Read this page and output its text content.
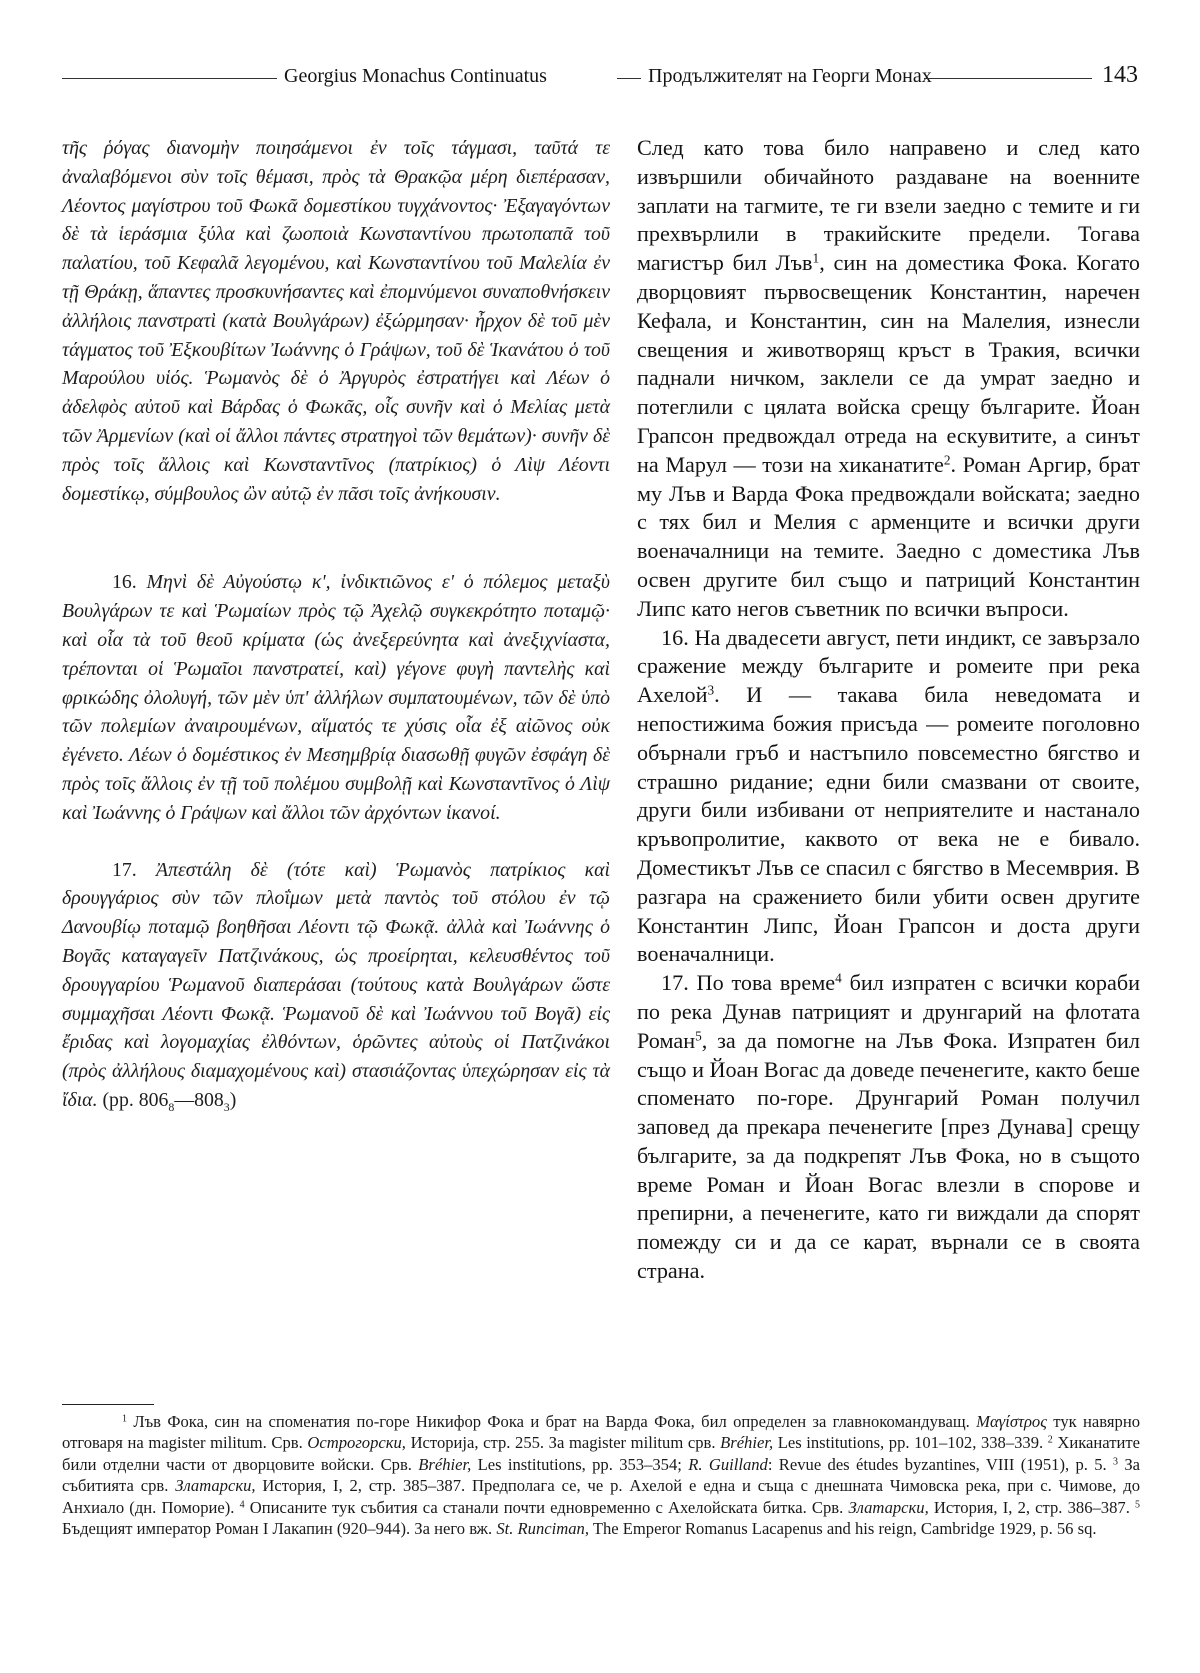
Georgius Monachus Continuatus	Продължителят на Георги Монах	143

τῆς ῥόγας διανομὴν ποιησάμενοι ἐν τοῖς τάγμασι, ταῦτά τε ἀναλαβόμενοι σὺν τοῖς θέμασι, πρὸς τὰ Θρακῷα μέρη διεπέρασαν, Λέοντος μαγίστρου τοῦ Φωκᾶ δομεστίκου τυγχάνοντος· Ἐξαγαγόντων δὲ τὰ ἱεράσμια ξύλα καὶ ζωοποιὰ Κωνσταντίνου πρωτοπαπᾶ τοῦ παλατίου, τοῦ Κεφαλᾶ λεγομένου, καὶ Κωνσταντίνου τοῦ Μαλελία ἐν τῇ Θράκῃ, ἅπαντες προσκυνήσαντες καὶ ἐπομνύμενοι συναποθνήσκειν ἀλλήλοις πανστρατὶ (κατὰ Βουλγάρων) ἐξώρμησαν· ἦρχον δὲ τοῦ μὲν τάγματος τοῦ Ἐξκουβίτων Ἰωάννης ὁ Γράψων, τοῦ δὲ Ἱκανάτου ὁ τοῦ Μαρούλου υἱός. Ῥωμανὸς δὲ ὁ Ἀργυρὸς ἐστρατήγει καὶ Λέων ὁ ἀδελφὸς αὐτοῦ καὶ Βάρδας ὁ Φωκᾶς, οἷς συνῆν καὶ ὁ Μελίας μετὰ τῶν Ἀρμενίων (καὶ οἱ ἄλλοι πάντες στρατηγοὶ τῶν θεμάτων)· συνῆν δὲ πρὸς τοῖς ἄλλοις καὶ Κωνσταντῖνος (πατρίκιος) ὁ Λὶψ Λέοντι δομεστίκῳ, σύμβουλος ὢν αὐτῷ ἐν πᾶσι τοῖς ἀνήκουσιν.

16. Μηνὶ δὲ Αὐγούστῳ κ', ἰνδικτιῶνος ε' ὁ πόλεμος μεταξὺ Βουλγάρων τε καὶ Ῥωμαίων πρὸς τῷ Ἀχελῷ συγκεκρότητο ποταμῷ· καὶ οἷα τὰ τοῦ θεοῦ κρίματα (ὡς ἀνεξερεύνητα καὶ ἀνεξιχνίαστα, τρέπονται οἱ Ῥωμαῖοι πανστρατεί, καὶ) γέγονε φυγὴ παντελὴς καὶ φρικώδης ὀλολυγή, τῶν μὲν ὑπ' ἀλλήλων συμπατουμένων, τῶν δὲ ὑπὸ τῶν πολεμίων ἀναιρουμένων, αἵματός τε χύσις οἷα ἐξ αἰῶνος οὐκ ἐγένετο. Λέων ὁ δομέστικος ἐν Μεσημβρίᾳ διασωθῇ φυγῶν ἐσφάγη δὲ πρὸς τοῖς ἄλλοις ἐν τῇ τοῦ πολέμου συμβολῇ καὶ Κωνσταντῖνος ὁ Λὶψ καὶ Ἰωάννης ὁ Γράψων καὶ ἄλλοι τῶν ἀρχόντων ἱκανοί.

17. Ἀπεστάλη δὲ (τότε καὶ) Ῥωμανὸς πατρίκιος καὶ δρουγγάριος σὺν τῶν πλοΐμων μετὰ παντὸς τοῦ στόλου ἐν τῷ Δανουβίῳ ποταμῷ βοηθῆσαι Λέοντι τῷ Φωκᾷ. ἀλλὰ καὶ Ἰωάννης ὁ Βογᾶς καταγαγεῖν Πατζινάκους, ὡς προείρηται, κελευσθέντος τοῦ δρουγγαρίου Ῥωμανοῦ διαπεράσαι (τούτους κατὰ Βουλγάρων ὥστε συμμαχῆσαι Λέοντι Φωκᾷ. Ῥωμανοῦ δὲ καὶ Ἰωάννου τοῦ Βογᾶ) εἰς ἔριδας καὶ λογομαχίας ἐλθόντων, ὁρῶντες αὐτοὺς οἱ Πατζινάκοι (πρὸς ἀλλήλους διαμαχομένους καὶ) στασιάζοντας ὑπεχώρησαν εἰς τὰ ἴδια. (pp. $806_8—808_3$)

След като това било направено и след като извършили обичайното раздаване на военните заплати на тагмите, те ги взели заедно с темите и ги прехвърлили в тракийските предели. Тогава магистър бил Лъв$^1$, син на доместика Фока. Когато дворцовият първосвещеник Константин, наречен Кефала, и Константин, син на Малелия, изнесли свещения и животворящ кръст в Тракия, всички паднали ничком, заклели се да умрат заедно и потеглили с цялата войска срещу българите. Йоан Грапсон предвождал отреда на ескувитите, а синът на Марул — този на хиканатите$^2$. Роман Аргир, брат му Лъв и Варда Фока предвождали войската; заедно с тях бил и Мелия с арменците и всички други военачалници на темите. Заедно с доместика Лъв освен другите бил също и патриций Константин Липс като негов съветник по всички въпроси.

16. На двадесети август, пети индикт, се завързало сражение между българите и ромеите при река Ахелой$^3$. И — такава била неведомата и непостижима божия присъда — ромеите поголовно обърнали гръб и настъпило повсеместно бягство и страшно ридание; едни били смазвани от своите, други били избивани от неприятелите и настанало кръвопролитие, каквото от века не е бивало. Доместикът Лъв се спасил с бягство в Месемврия. В разгара на сражението били убити освен другите Константин Липс, Йоан Грапсон и доста други военачалници.

17. По това време$^4$ бил изпратен с всички кораби по река Дунав патрицият и друнгарий на флотата Роман$^5$, за да помогне на Лъв Фока. Изпратен бил също и Йоан Вогас да доведе печенегите, както беше споменато по-горе. Друнгарий Роман получил заповед да прекара печенегите [през Дунава] срещу българите, за да подкрепят Лъв Фока, но в същото време Роман и Йоан Вогас влезли в спорове и препирни, а печенегите, като ги виждали да спорят помежду си и да се карат, върнали се в своята страна.

$^1$ Лъв Фока, син на споменатия по-горе Никифор Фока и брат на Варда Фока, бил определен за главнокомандуващ. Μαγίστρος тук навярно отговаря на magister militum. Срв. Острогорски, Историја, стр. 255. За magister militum срв. Bréhier, Les institutions, pp. 101–102, 338–339. $^2$ Хиканатите били отделни части от дворцовите войски. Срв. Bréhier, Les institutions, pp. 353–354; R. Guilland: Revue des études byzantines, VIII (1951), p. 5. $^3$ За събитията срв. Златарски, История, I, 2, стр. 385–387. Предполага се, че р. Ахелой е една и съща с днешната Чимовска река, при с. Чимове, до Анхиало (дн. Поморие). $^4$ Описаните тук събития са станали почти едновременно с Ахелойската битка. Срв. Златарски, История, I, 2, стр. 386–387. $^5$ Бъдещият император Роман I Лакапин (920–944). За него вж. St. Runciman, The Emperor Romanus Lacapenus and his reign, Cambridge 1929, p. 56 sq.
